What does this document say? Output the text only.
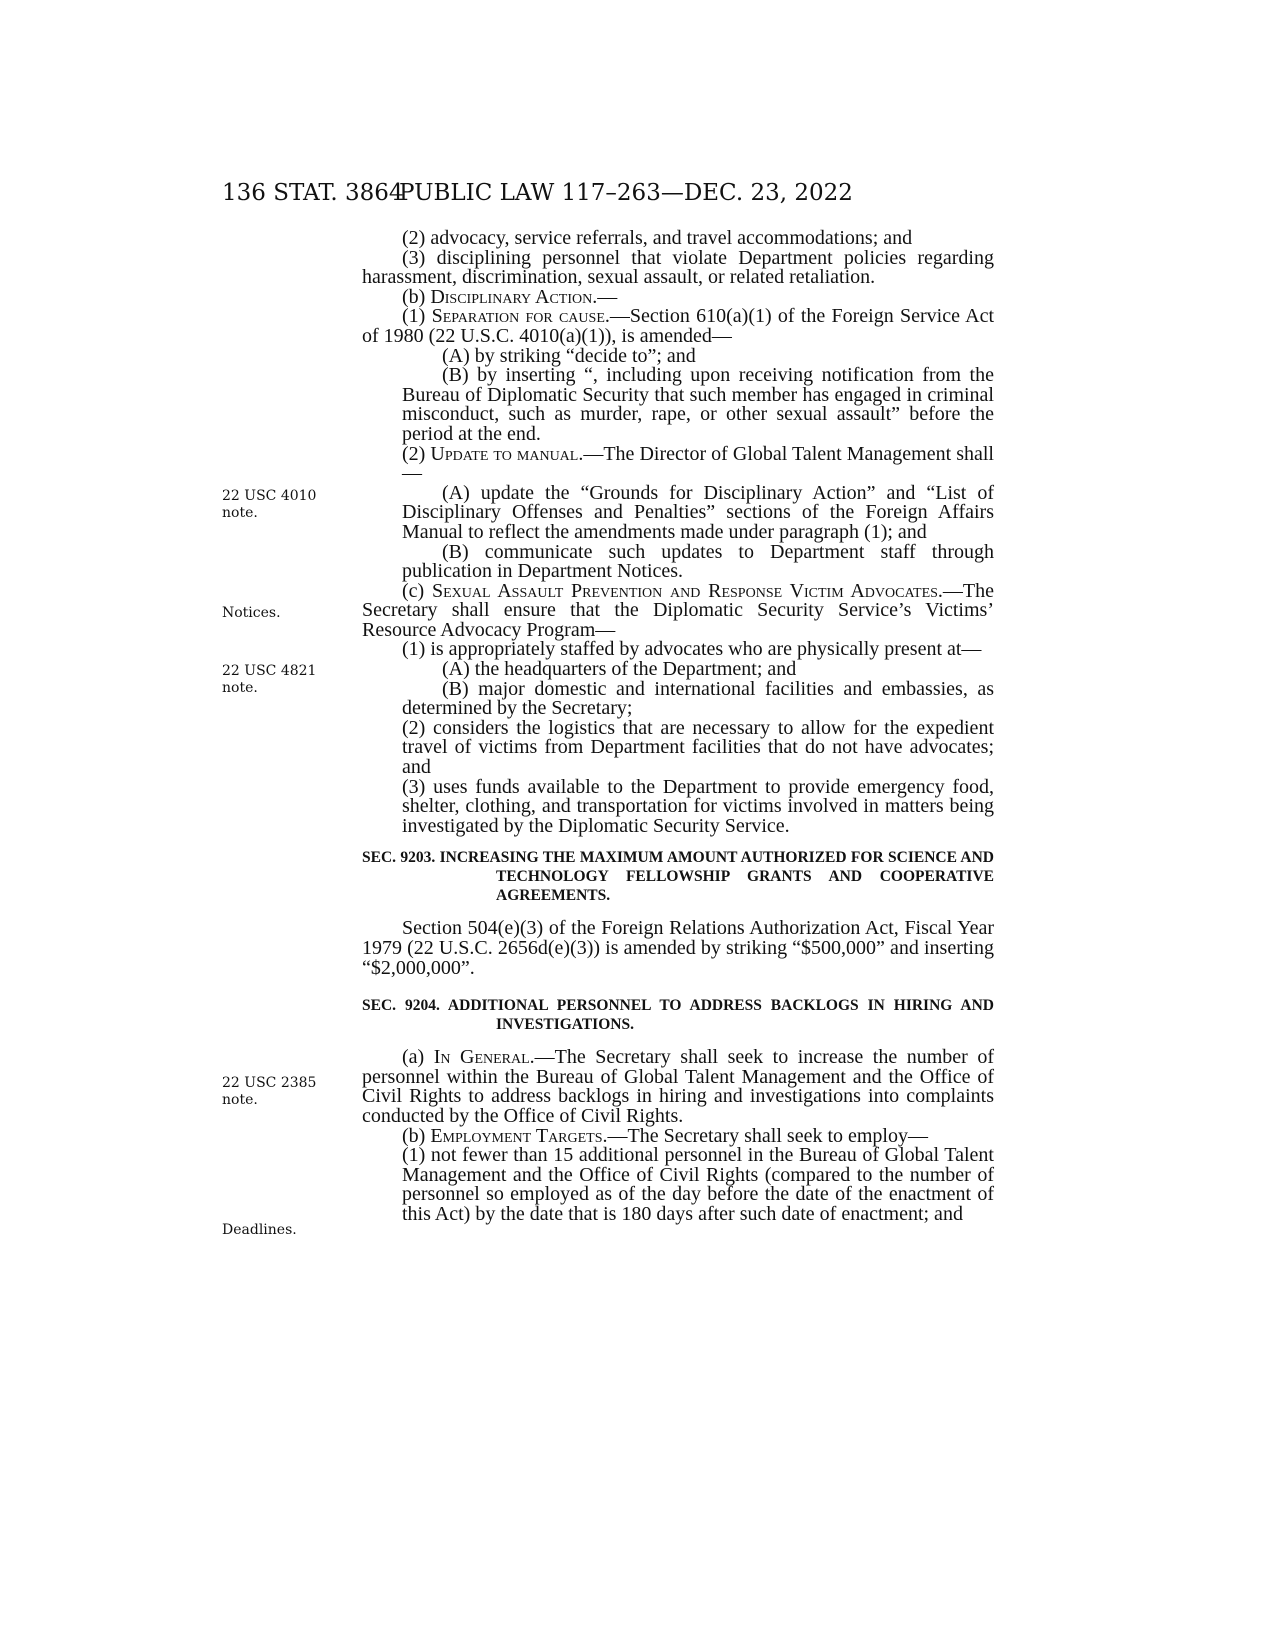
136 STAT. 3864
PUBLIC LAW 117–263—DEC. 23, 2022
22 USC 4010
note.
Notices.
22 USC 4821
note.
22 USC 2385
note.
Deadlines.

(2) advocacy, service referrals, and travel accommodations; and

(3) disciplining personnel that violate Department policies regarding harassment, discrimination, sexual assault, or related retaliation.

(b) Disciplinary Action.—

(1) Separation for cause.—Section 610(a)(1) of the Foreign Service Act of 1980 (22 U.S.C. 4010(a)(1)), is amended—

(A) by striking “decide to”; and

(B) by inserting “, including upon receiving notification from the Bureau of Diplomatic Security that such member has engaged in criminal misconduct, such as murder, rape, or other sexual assault” before the period at the end.

(2) Update to manual.—The Director of Global Talent Management shall—

(A) update the “Grounds for Disciplinary Action” and “List of Disciplinary Offenses and Penalties” sections of the Foreign Affairs Manual to reflect the amendments made under paragraph (1); and

(B) communicate such updates to Department staff through publication in Department Notices.

(c) Sexual Assault Prevention and Response Victim Advocates.—The Secretary shall ensure that the Diplomatic Security Service’s Victims’ Resource Advocacy Program—

(1) is appropriately staffed by advocates who are physically present at—

(A) the headquarters of the Department; and

(B) major domestic and international facilities and embassies, as determined by the Secretary;

(2) considers the logistics that are necessary to allow for the expedient travel of victims from Department facilities that do not have advocates; and

(3) uses funds available to the Department to provide emergency food, shelter, clothing, and transportation for victims involved in matters being investigated by the Diplomatic Security Service.

SEC. 9203. INCREASING THE MAXIMUM AMOUNT AUTHORIZED FOR SCIENCE AND TECHNOLOGY FELLOWSHIP GRANTS AND COOPERATIVE AGREEMENTS.

Section 504(e)(3) of the Foreign Relations Authorization Act, Fiscal Year 1979 (22 U.S.C. 2656d(e)(3)) is amended by striking “$500,000” and inserting “$2,000,000”.

SEC. 9204. ADDITIONAL PERSONNEL TO ADDRESS BACKLOGS IN HIRING AND INVESTIGATIONS.

(a) In General.—The Secretary shall seek to increase the number of personnel within the Bureau of Global Talent Management and the Office of Civil Rights to address backlogs in hiring and investigations into complaints conducted by the Office of Civil Rights.

(b) Employment Targets.—The Secretary shall seek to employ—

(1) not fewer than 15 additional personnel in the Bureau of Global Talent Management and the Office of Civil Rights (compared to the number of personnel so employed as of the day before the date of the enactment of this Act) by the date that is 180 days after such date of enactment; and
